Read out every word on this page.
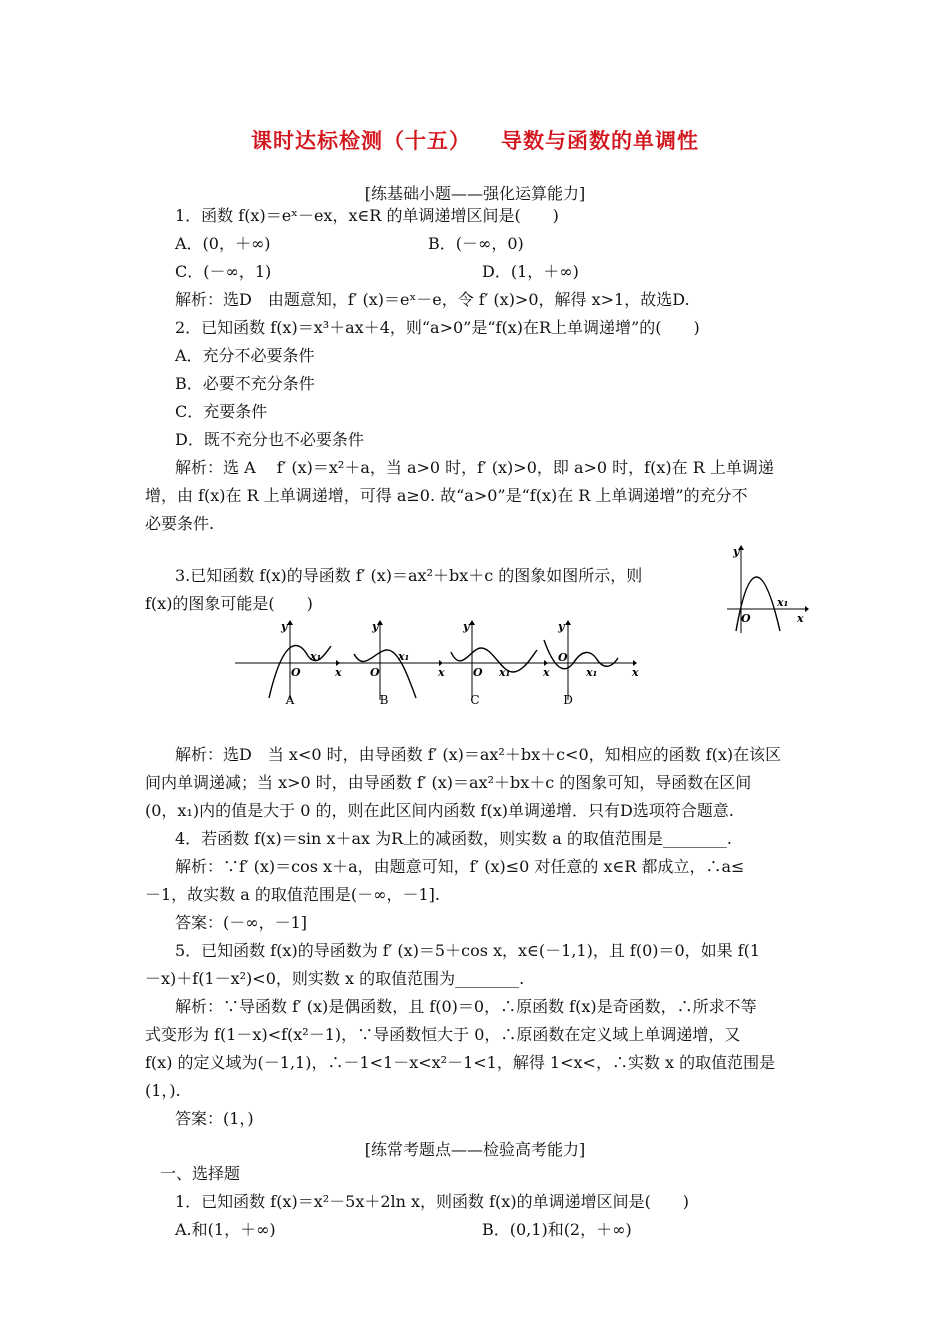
课时达标检测（十五） 导数与函数的单调性
[练基础小题——强化运算能力]
1．函数 f(x)＝eˣ－ex，x∈R 的单调递增区间是(　　)
A．(0，＋∞)	B．(－∞，0)
C．(－∞，1)	D．(1，＋∞)
解析：选D　由题意知，f′ (x)＝eˣ－e，令 f′ (x)>0，解得 x>1，故选D.
2．已知函数 f(x)＝x³＋ax＋4，则“a>0”是“f(x)在R上单调递增”的(　　)
A．充分不必要条件
B．必要不充分条件
C．充要条件
D．既不充分也不必要条件
解析：选 A　 f′ (x)＝x²＋a，当 a>0 时，f′ (x)>0，即 a>0 时，f(x)在 R 上单调递
增，由 f(x)在 R 上单调递增，可得 a≥0. 故“a>0”是“f(x)在 R 上单调递增”的充分不
必要条件.
3.已知函数 f(x)的导函数 f′ (x)＝ax²＋bx＋c 的图象如图所示，则
f(x)的图象可能是(　　)
y
x
O
x₁
y
x
O
x₁
A
y
x
O
x₁
B
y
x
O x₁
C
y
x
O
x₁
D
解析：选D　当 x<0 时，由导函数 f′ (x)＝ax²＋bx＋c<0，知相应的函数 f(x)在该区
间内单调递减；当 x>0 时，由导函数 f′ (x)＝ax²＋bx＋c 的图象可知，导函数在区间
(0，x₁)内的值是大于 0 的，则在此区间内函数 f(x)单调递增．只有D选项符合题意.
4．若函数 f(x)＝sin x＋ax 为R上的减函数，则实数 a 的取值范围是________.
解析：∵f′ (x)＝cos x＋a，由题意可知，f′ (x)≤0 对任意的 x∈R 都成立，∴a≤
－1，故实数 a 的取值范围是(－∞，－1].
答案：(－∞，－1]
5．已知函数 f(x)的导函数为 f′ (x)＝5＋cos x，x∈(－1,1)，且 f(0)＝0，如果 f(1
－x)＋f(1－x²)<0，则实数 x 的取值范围为________.
解析：∵导函数 f′ (x)是偶函数，且 f(0)＝0，∴原函数 f(x)是奇函数，∴所求不等
式变形为 f(1－x)<f(x²－1)，∵导函数恒大于 0，∴原函数在定义域上单调递增，又
f(x) 的定义域为(－1,1)，∴－1<1－x<x²－1<1，解得 1<x<，∴实数 x 的取值范围是
(1，).
答案：(1，)
[练常考题点——检验高考能力]
一、选择题
1．已知函数 f(x)＝x²－5x＋2ln x，则函数 f(x)的单调递增区间是(　　)
A.和(1，＋∞)	B．(0,1)和(2，＋∞)
